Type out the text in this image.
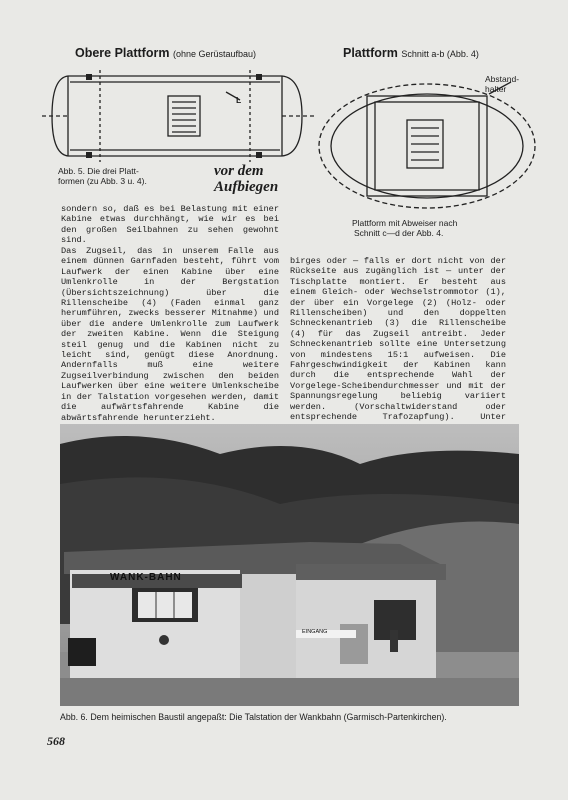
Obere Plattform (ohne Gerüstaufbau)	Plattform Schnitt a-b (Abb. 4)
L
Abb. 5. Die drei Platt-
formen (zu Abb. 3 u. 4).
vor dem
Aufbiegen
Abstand-
halter
Plattform mit Abweiser nach
Schnitt c—d der Abb. 4.

sondern so, daß es bei Belastung mit einer Kabine etwas durchhängt, wie wir es bei den großen Seilbahnen zu sehen gewohnt sind.

Das Zugseil, das in unserem Falle aus einem dünnen Garnfaden besteht, führt vom Laufwerk der einen Kabine über eine Umlenkrolle in der Bergstation (Übersichtszeichnung) über die Rillenscheibe (4) (Faden einmal ganz herumführen, zwecks besserer Mitnahme) und über die andere Umlenkrolle zum Laufwerk der zweiten Kabine. Wenn die Steigung steil genug und die Kabinen nicht zu leicht sind, genügt diese Anordnung. Andernfalls muß eine weitere Zugseilverbindung zwischen den beiden Laufwerken über eine weitere Umlenkscheibe in der Talstation vorgesehen werden, damit die aufwärtsfahrende Kabine die abwärtsfahrende herunterzieht.

birges oder — falls er dort nicht von der Rückseite aus zugänglich ist — unter der Tischplatte montiert. Er besteht aus einem Gleich- oder Wechselstrommotor (1), der über ein Vorgelege (2) (Holz- oder Rillenscheiben) und den doppelten Schneckenantrieb (3) die Rillenscheibe (4) für das Zugseil antreibt. Jeder Schneckenantrieb sollte eine Untersetzung von mindestens 15:1 aufweisen. Die Fahrgeschwindigkeit der Kabinen kann durch die entsprechende Wahl der Vorgelege-Scheibendurchmesser und mit der Spannungsregelung beliebig variiert werden. (Vorschaltwiderstand oder entsprechende Trafozapfung). Unter

WANK-BAHN
EINGANG
Abb. 6. Dem heimischen Baustil angepaßt: Die Talstation der Wankbahn (Garmisch-Partenkirchen).
568
